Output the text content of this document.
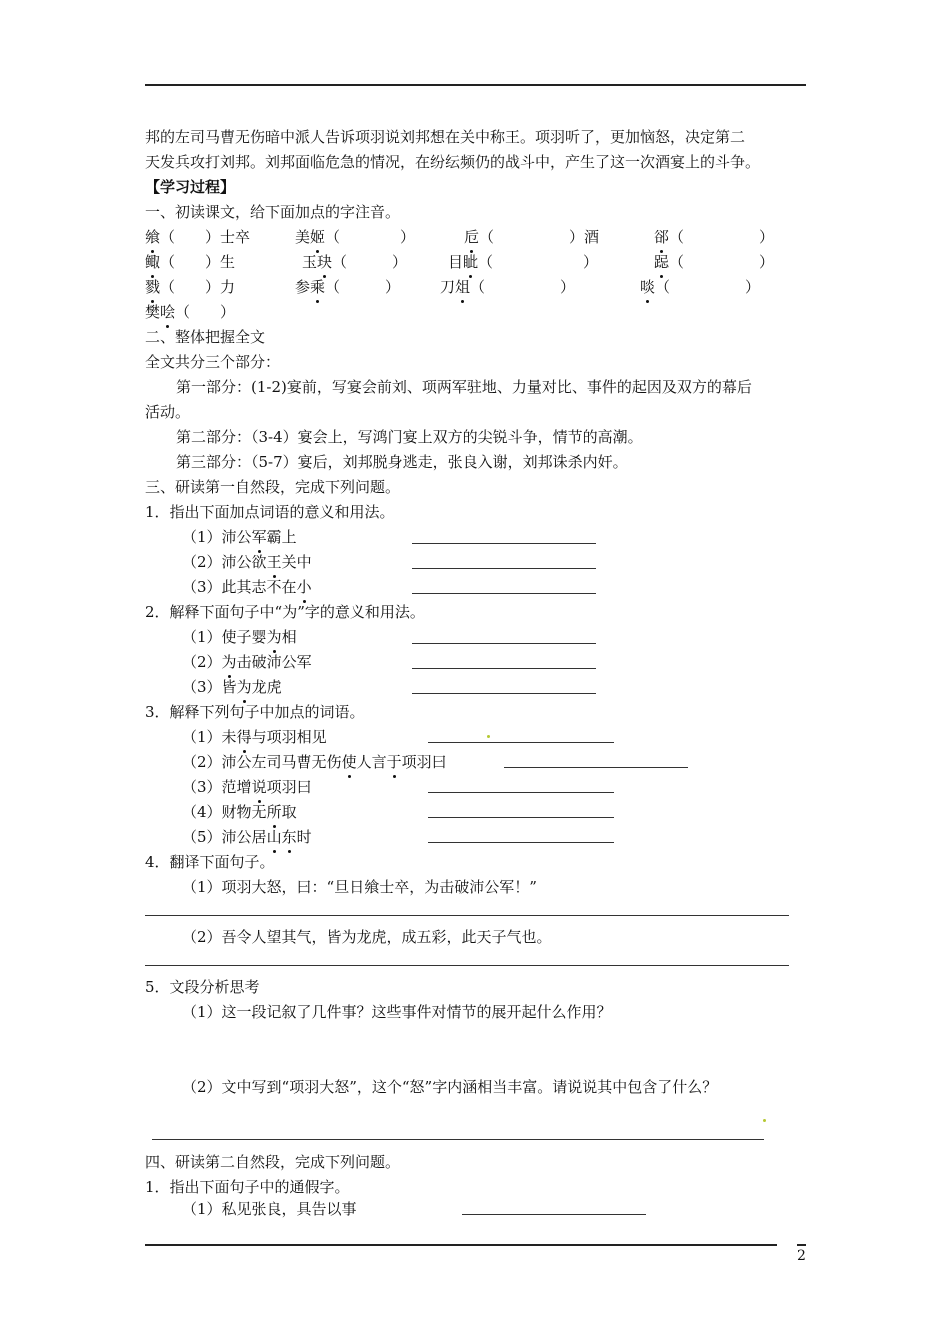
邦的左司马曹无伤暗中派人告诉项羽说刘邦想在关中称王。项羽听了，更加恼怒，决定第二
天发兵攻打刘邦。刘邦面临危急的情况，在纷纭频仍的战斗中，产生了这一次酒宴上的斗争。
【学习过程】
一、初读课文，给下面加点的字注音。
飨（　　）士卒	美姬（　　　　）	卮（　　　　　）酒	郤（　　　　　）
鲰（　　）生	玉玦（　　　）	目眦（　　　　　　）	跽（　　　　　）
戮（　　）力	参乘（　　　）	刀俎（　　　　　）	啖（　　　　　）
樊哙（　　）
二、整体把握全文
全文共分三个部分：
第一部分：(1-2)宴前，写宴会前刘、项两军驻地、力量对比、事件的起因及双方的幕后
活动。
第二部分：（3-4）宴会上，写鸿门宴上双方的尖锐斗争，情节的高潮。
第三部分：（5-7）宴后，刘邦脱身逃走，张良入谢，刘邦诛杀内奸。
三、研读第一自然段，完成下列问题。
1．指出下面加点词语的意义和用法。
（1）沛公军霸上
（2）沛公欲王关中
（3）此其志不在小
2．解释下面句子中“为”字的意义和用法。
（1）使子婴为相
（2）为击破沛公军
（3）皆为龙虎
3．解释下列句子中加点的词语。
（1）未得与项羽相见
（2）沛公左司马曹无伤使人言于项羽曰
（3）范增说项羽曰
（4）财物无所取
（5）沛公居山东时
4．翻译下面句子。
（1）项羽大怒，曰：“旦日飨士卒，为击破沛公军！”
（2）吾令人望其气，皆为龙虎，成五彩，此天子气也。
5．文段分析思考
（1）这一段记叙了几件事？这些事件对情节的展开起什么作用？
（2）文中写到“项羽大怒”，这个“怒”字内涵相当丰富。请说说其中包含了什么？
四、研读第二自然段，完成下列问题。
1．指出下面句子中的通假字。
（1）私见张良，具告以事
2
